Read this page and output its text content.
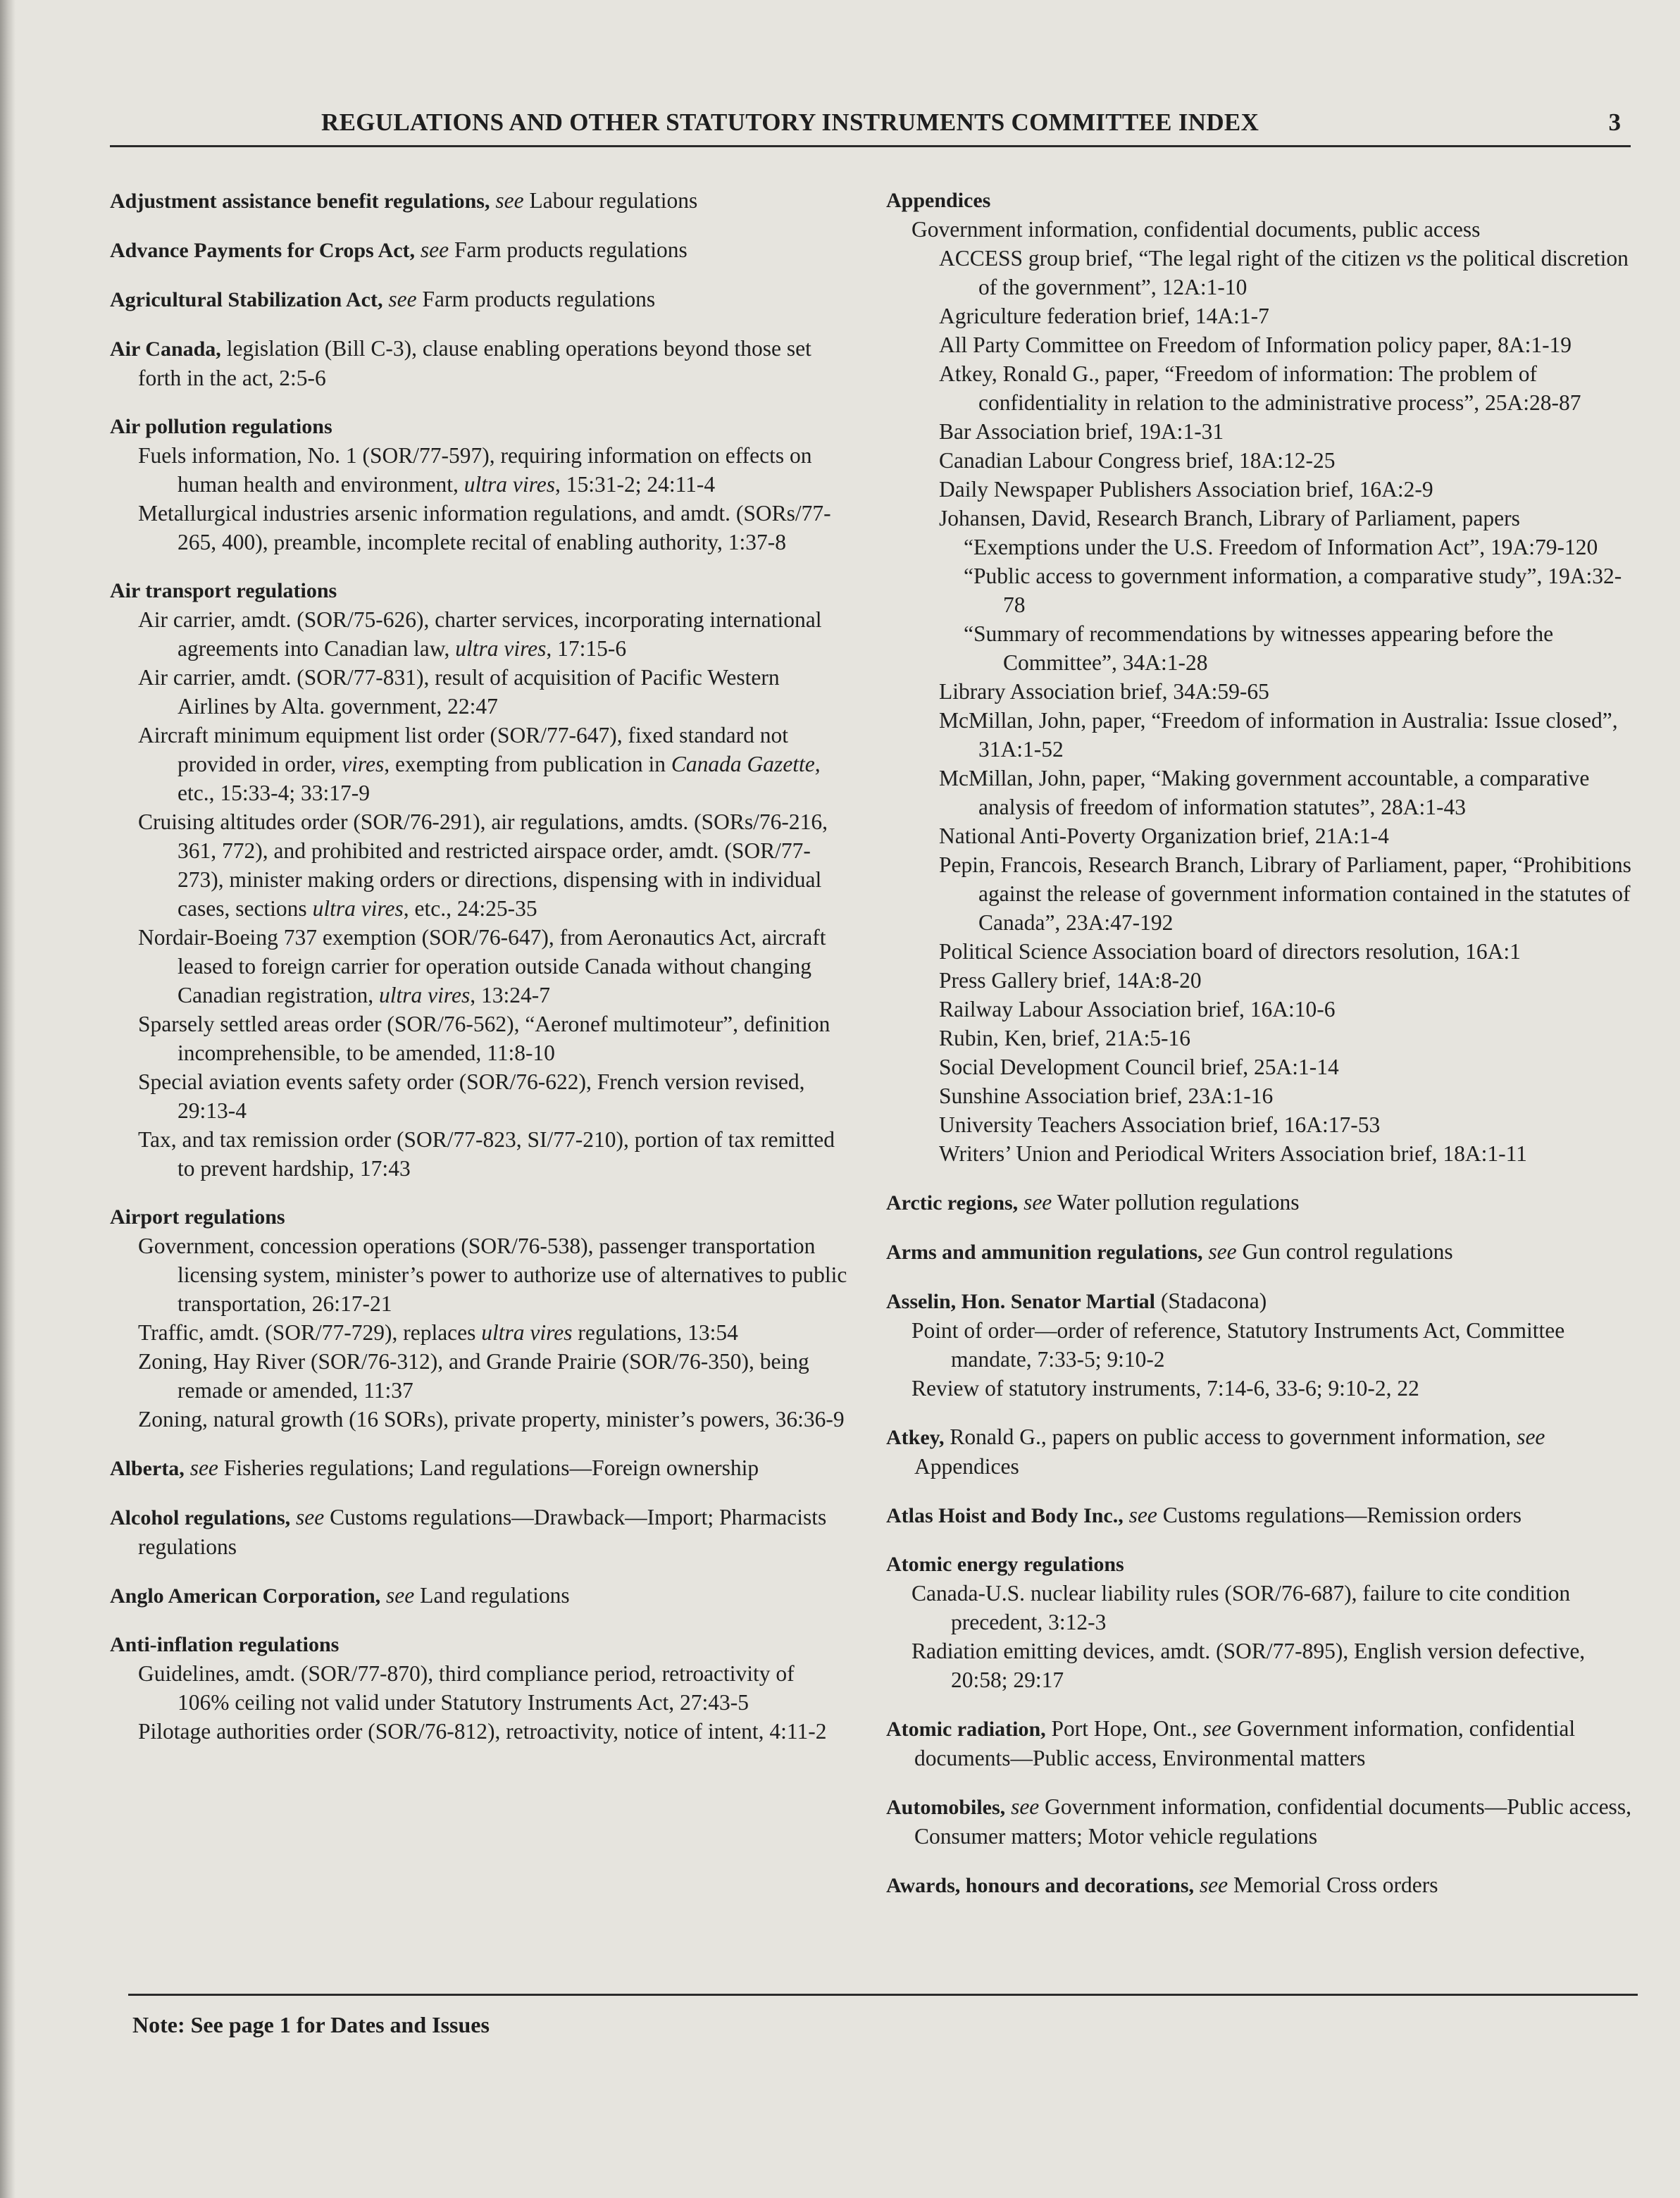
REGULATIONS AND OTHER STATUTORY INSTRUMENTS COMMITTEE INDEX	3
Adjustment assistance benefit regulations, see Labour regulations
Advance Payments for Crops Act, see Farm products regulations
Agricultural Stabilization Act, see Farm products regulations
Air Canada, legislation (Bill C-3), clause enabling operations beyond those set forth in the act, 2:5-6
Air pollution regulations
Fuels information, No. 1 (SOR/77-597), requiring information on effects on human health and environment, ultra vires, 15:31-2; 24:11-4
Metallurgical industries arsenic information regulations, and amdt. (SORs/77-265, 400), preamble, incomplete recital of enabling authority, 1:37-8
Air transport regulations
Air carrier, amdt. (SOR/75-626), charter services, incorporating international agreements into Canadian law, ultra vires, 17:15-6
Air carrier, amdt. (SOR/77-831), result of acquisition of Pacific Western Airlines by Alta. government, 22:47
Aircraft minimum equipment list order (SOR/77-647), fixed standard not provided in order, vires, exempting from publication in Canada Gazette, etc., 15:33-4; 33:17-9
Cruising altitudes order (SOR/76-291), air regulations, amdts. (SORs/76-216, 361, 772), and prohibited and restricted airspace order, amdt. (SOR/77-273), minister making orders or directions, dispensing with in individual cases, sections ultra vires, etc., 24:25-35
Nordair-Boeing 737 exemption (SOR/76-647), from Aeronautics Act, aircraft leased to foreign carrier for operation outside Canada without changing Canadian registration, ultra vires, 13:24-7
Sparsely settled areas order (SOR/76-562), “Aeronef multimoteur”, definition incomprehensible, to be amended, 11:8-10
Special aviation events safety order (SOR/76-622), French version revised, 29:13-4
Tax, and tax remission order (SOR/77-823, SI/77-210), portion of tax remitted to prevent hardship, 17:43
Airport regulations
Government, concession operations (SOR/76-538), passenger transportation licensing system, minister’s power to authorize use of alternatives to public transportation, 26:17-21
Traffic, amdt. (SOR/77-729), replaces ultra vires regulations, 13:54
Zoning, Hay River (SOR/76-312), and Grande Prairie (SOR/76-350), being remade or amended, 11:37
Zoning, natural growth (16 SORs), private property, minister’s powers, 36:36-9
Alberta, see Fisheries regulations; Land regulations—Foreign ownership
Alcohol regulations, see Customs regulations—Drawback—Import; Pharmacists regulations
Anglo American Corporation, see Land regulations
Anti-inflation regulations
Guidelines, amdt. (SOR/77-870), third compliance period, retroactivity of 106% ceiling not valid under Statutory Instruments Act, 27:43-5
Pilotage authorities order (SOR/76-812), retroactivity, notice of intent, 4:11-2
Appendices
Government information, confidential documents, public access
ACCESS group brief, “The legal right of the citizen vs the political discretion of the government”, 12A:1-10
Agriculture federation brief, 14A:1-7
All Party Committee on Freedom of Information policy paper, 8A:1-19
Atkey, Ronald G., paper, “Freedom of information: The problem of confidentiality in relation to the administrative process”, 25A:28-87
Bar Association brief, 19A:1-31
Canadian Labour Congress brief, 18A:12-25
Daily Newspaper Publishers Association brief, 16A:2-9
Johansen, David, Research Branch, Library of Parliament, papers
“Exemptions under the U.S. Freedom of Information Act”, 19A:79-120
“Public access to government information, a comparative study”, 19A:32-78
“Summary of recommendations by witnesses appearing before the Committee”, 34A:1-28
Library Association brief, 34A:59-65
McMillan, John, paper, “Freedom of information in Australia: Issue closed”, 31A:1-52
McMillan, John, paper, “Making government accountable, a comparative analysis of freedom of information statutes”, 28A:1-43
National Anti-Poverty Organization brief, 21A:1-4
Pepin, Francois, Research Branch, Library of Parliament, paper, “Prohibitions against the release of government information contained in the statutes of Canada”, 23A:47-192
Political Science Association board of directors resolution, 16A:1
Press Gallery brief, 14A:8-20
Railway Labour Association brief, 16A:10-6
Rubin, Ken, brief, 21A:5-16
Social Development Council brief, 25A:1-14
Sunshine Association brief, 23A:1-16
University Teachers Association brief, 16A:17-53
Writers’ Union and Periodical Writers Association brief, 18A:1-11
Arctic regions, see Water pollution regulations
Arms and ammunition regulations, see Gun control regulations
Asselin, Hon. Senator Martial (Stadacona)
Point of order—order of reference, Statutory Instruments Act, Committee mandate, 7:33-5; 9:10-2
Review of statutory instruments, 7:14-6, 33-6; 9:10-2, 22
Atkey, Ronald G., papers on public access to government information, see Appendices
Atlas Hoist and Body Inc., see Customs regulations—Remission orders
Atomic energy regulations
Canada-U.S. nuclear liability rules (SOR/76-687), failure to cite condition precedent, 3:12-3
Radiation emitting devices, amdt. (SOR/77-895), English version defective, 20:58; 29:17
Atomic radiation, Port Hope, Ont., see Government information, confidential documents—Public access, Environmental matters
Automobiles, see Government information, confidential documents—Public access, Consumer matters; Motor vehicle regulations
Awards, honours and decorations, see Memorial Cross orders
Note: See page 1 for Dates and Issues
